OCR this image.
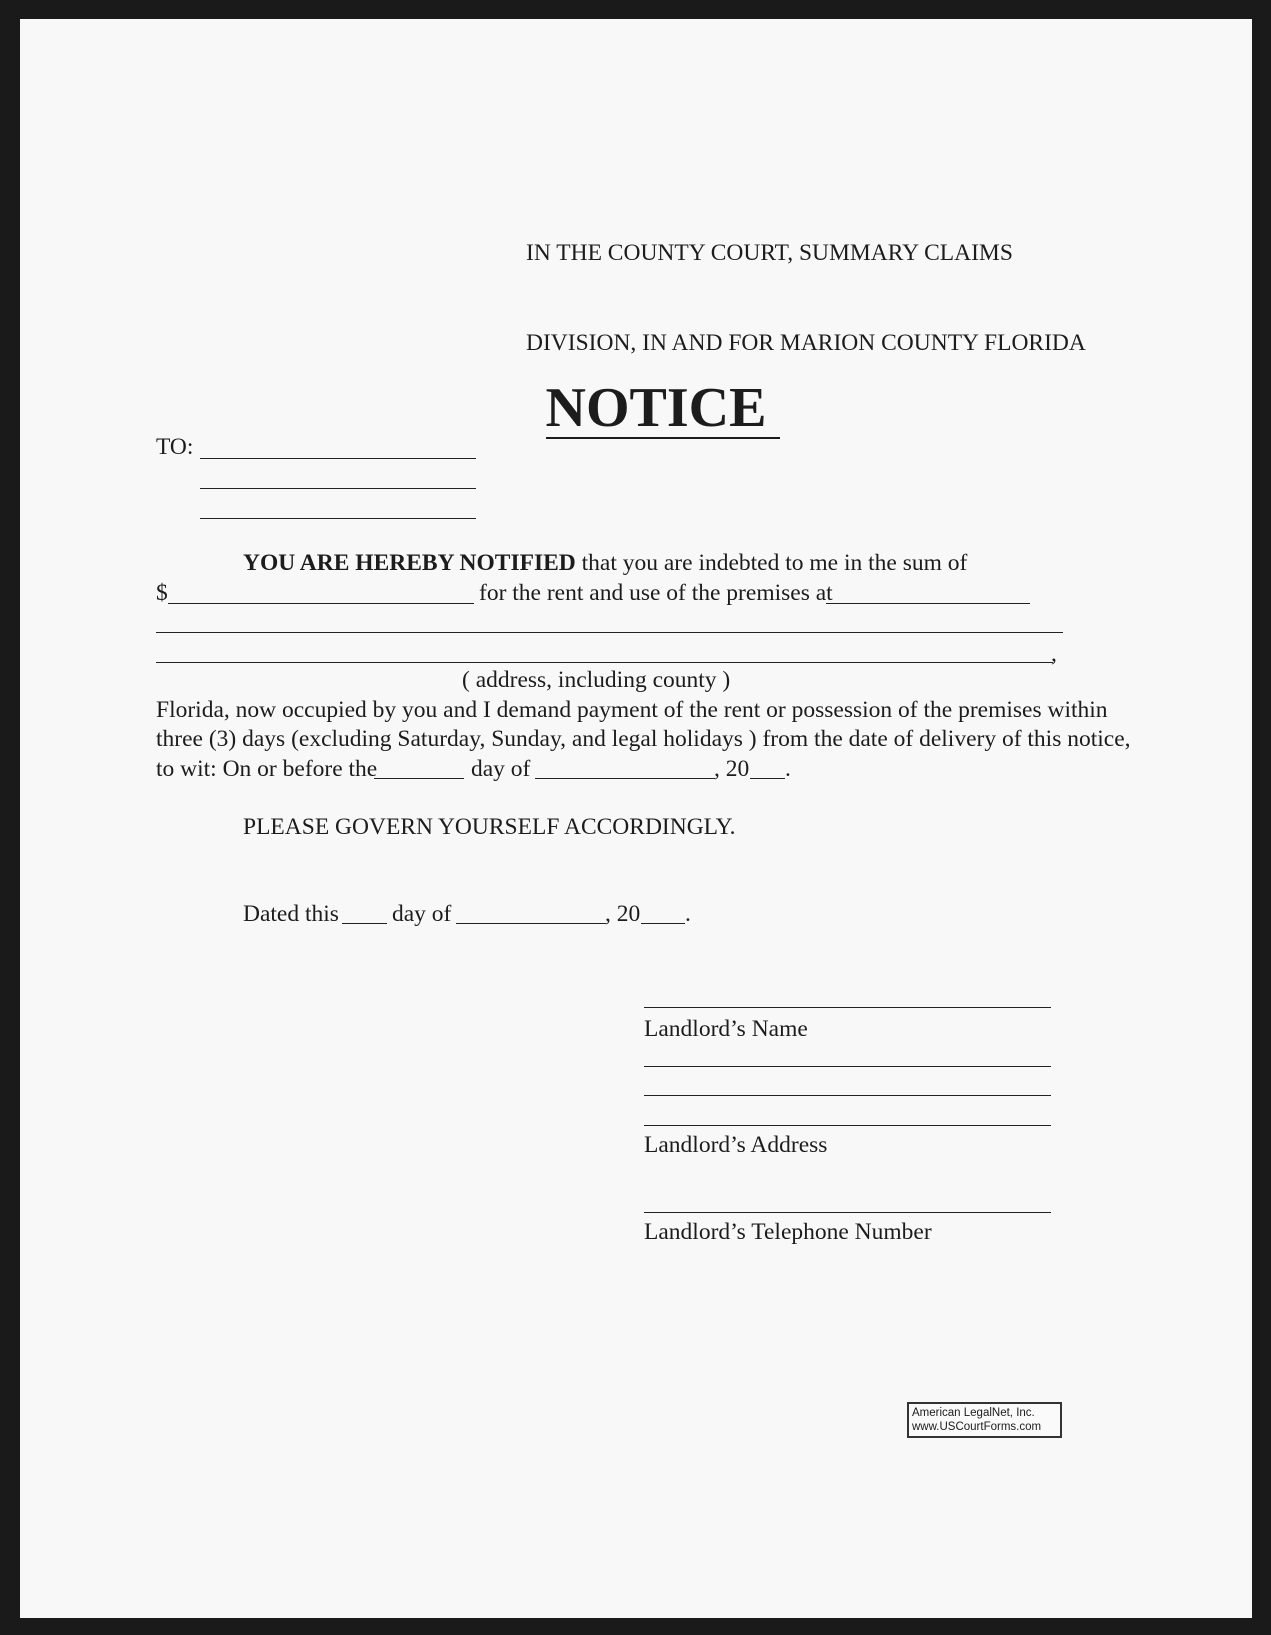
IN THE COUNTY COURT, SUMMARY CLAIMS

DIVISION, IN AND FOR MARION COUNTY FLORIDA

NOTICE

TO:
YOU ARE HEREBY NOTIFIED that you are indebted to me in the sum of
$	for the rent and use of the premises at
,
( address, including county )
Florida, now occupied by you and I demand payment of the rent or possession of the premises within
three (3) days (excluding Saturday, Sunday, and legal holidays ) from the date of delivery of this notice,
to wit: On or before the	day of	, 20 .
PLEASE GOVERN YOURSELF ACCORDINGLY.
Dated this day of	, 20 .
Landlord’s Name
Landlord’s Address
Landlord’s Telephone Number
American LegalNet, Inc.
www.USCourtForms.com
